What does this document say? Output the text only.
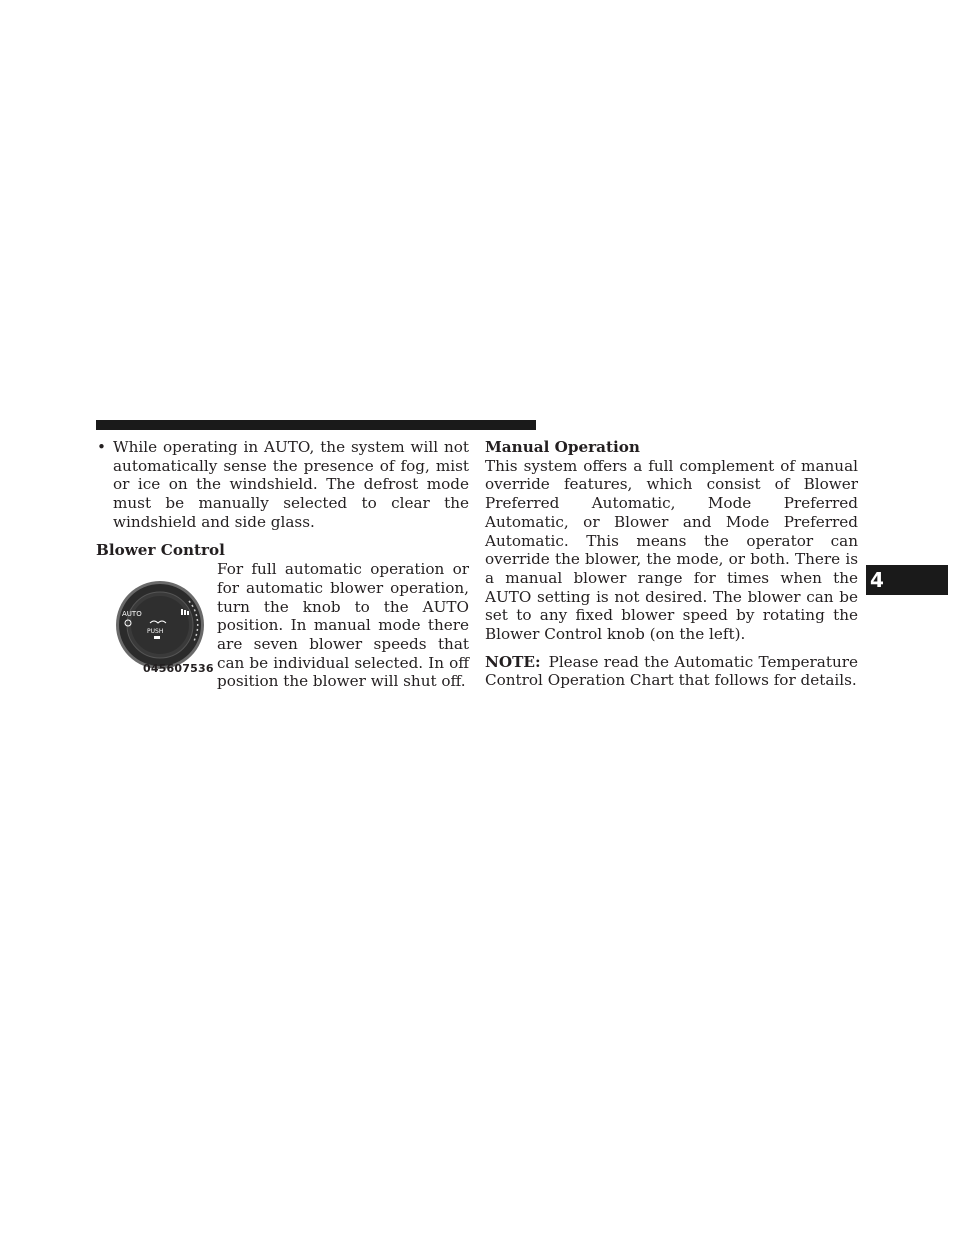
4

• While operating in AUTO, the system will not automatically sense the presence of fog, mist or ice on the windshield. The defrost mode must be manually selected to clear the windshield and side glass.

Blower Control

AUTO
PUSH
045607536

For full automatic operation or for automatic blower operation, turn the knob to the AUTO position. In manual mode there are seven blower speeds that can be individual selected. In off position the blower will shut off.

Manual Operation

This system offers a full complement of manual override features, which consist of Blower Preferred Automatic, Mode Preferred Automatic, or Blower and Mode Preferred Automatic. This means the operator can override the blower, the mode, or both. There is a manual blower range for times when the AUTO setting is not desired. The blower can be set to any fixed blower speed by rotating the Blower Control knob (on the left).

NOTE: Please read the Automatic Temperature Control Operation Chart that follows for details.
